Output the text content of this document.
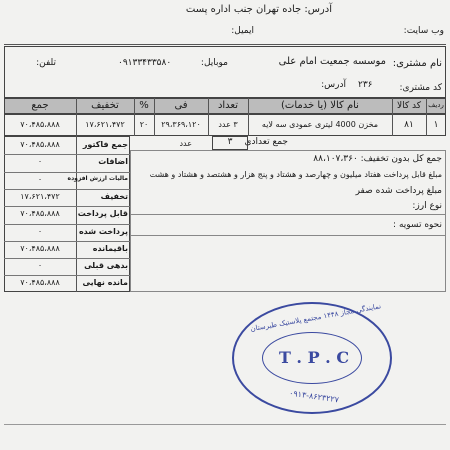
آدرس: جاده تهران جنب اداره پست
وب سایت:
ایمیل:
نام مشتری:
موسسه جمعیت امام علی
موبایل:
۰۹۱۳۳۴۳۳۵۸۰
تلفن:
کد مشتری:
۲۳۶
آدرس:
ردیف
کد کالا
نام کالا (یا خدمات)
تعداد
فی
%
تخفیف
جمع
۱
۸۱
مخزن 4000 لیتری عمودی سه لایه
۳ عدد
۲۹،۳۶۹،۱۲۰
۲۰
۱۷،۶۲۱،۴۷۲
۷۰،۴۸۵،۸۸۸
جمع تعدادی
۳
عدد
جمع فاکتور
۷۰،۴۸۵،۸۸۸
اضافات
۰
مالیات ارزش افزوده
۰
تخفیف
۱۷،۶۲۱،۴۷۲
قابل پرداخت
۷۰،۴۸۵،۸۸۸
پرداخت شده
۰
باقیمانده
۷۰،۴۸۵،۸۸۸
بدهی قبلی
۰
مانده نهایی
۷۰،۴۸۵،۸۸۸
جمع کل بدون تخفیف: ۸۸،۱۰۷،۳۶۰
مبلغ قابل پرداخت هفتاد میلیون و چهارصد و هشتاد و پنج هزار و هشتصد و هشتاد و هشت
مبلغ پرداخت شده صفر
نوع ارز:
نحوه تسویه :
نمایندگی مجاز ۱۴۴۸ مجتمع پلاستیک طبرستان
T . P . C
۰۹۱۳-۸۶۲۳۲۲۷
